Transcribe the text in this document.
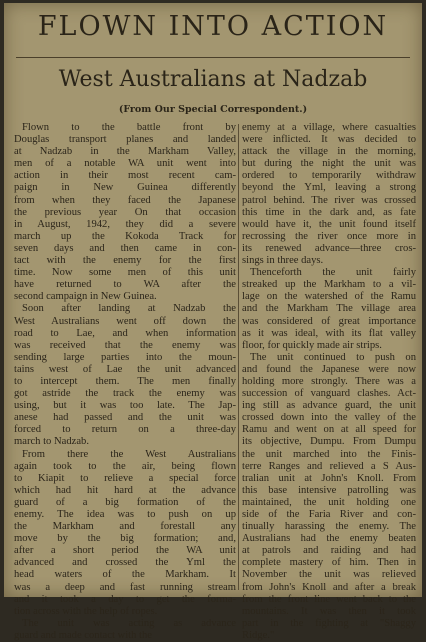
FLOWN INTO ACTION
West Australians at Nadzab
(From Our Special Correspondent.)
Flown to the battle front by
Douglas transport planes and landed
at Nadzab in the Markham Valley,
men of a notable WA unit went into
action in their most recent cam-
paign in New Guinea differently
from when they faced the Japanese
the previous year On that occasion
in August, 1942, they did a severe
march up the Kokoda Track for
seven days and then came in con-
tact with the enemy for the first
time. Now some men of this unit
have returned to WA after the
second campaign in New Guinea.
Soon after landing at Nadzab the
West Australians went off down the
road to Lae, and when information
was received that the enemy was
sending large parties into the moun-
tains west of Lae the unit advanced
to intercept them. The men finally
got astride the track the enemy was
using, but it was too late. The Jap-
anese had passed and the unit was
forced to return on a three-day
march to Nadzab.
From there the West Australians
again took to the air, being flown
to Kiapit to relieve a special force
which had hit hard at the advance
guard of a big formation of the
enemy. The idea was to push on up
the Markham and forestall any
move by the big formation; and,
after a short period the WA unit
advanced and crossed the Yml the
head waters of the Markham. It
was a deep and fast running stream
and it took a day to get the forma-
tion across with the help of ropes.
The unit was acting as advance
guard and made contact with the
enemy at a village, where casualties
were inflicted. It was decided to
attack the village in the morning,
but during the night the unit was
ordered to temporarily withdraw
beyond the Yml, leaving a strong
patrol behind. The river was crossed
this time in the dark and, as fate
would have it, the unit found itself
recrossing the river once more in
its renewed advance—three cros-
sings in three days.
Thenceforth the unit fairly
streaked up the Markham to a vil-
lage on the watershed of the Ramu
and the Markham The village area
was considered of great importance
as it was ideal, with its flat valley
floor, for quickly made air strips.
The unit continued to push on
and found the Japanese were now
holding more strongly. There was a
succession of vanguard clashes. Act-
ing still as advance guard, the unit
crossed down into the valley of the
Ramu and went on at all speed for
its objective, Dumpu. From Dumpu
the unit marched into the Finis-
terre Ranges and relieved a S Aus-
tralian unit at John's Knoll. From
this base intensive patrolling was
maintained, the unit holding one
side of the Faria River and con-
tinually harassing the enemy. The
Australians had the enemy beaten
at patrols and raiding and had
complete mastery of him. Then in
November the unit was relieved
from John's Knoll and after a break
from the front line went back to the
mountains. It was then it took
part in the fighting at "Shaggy
Ridge."
